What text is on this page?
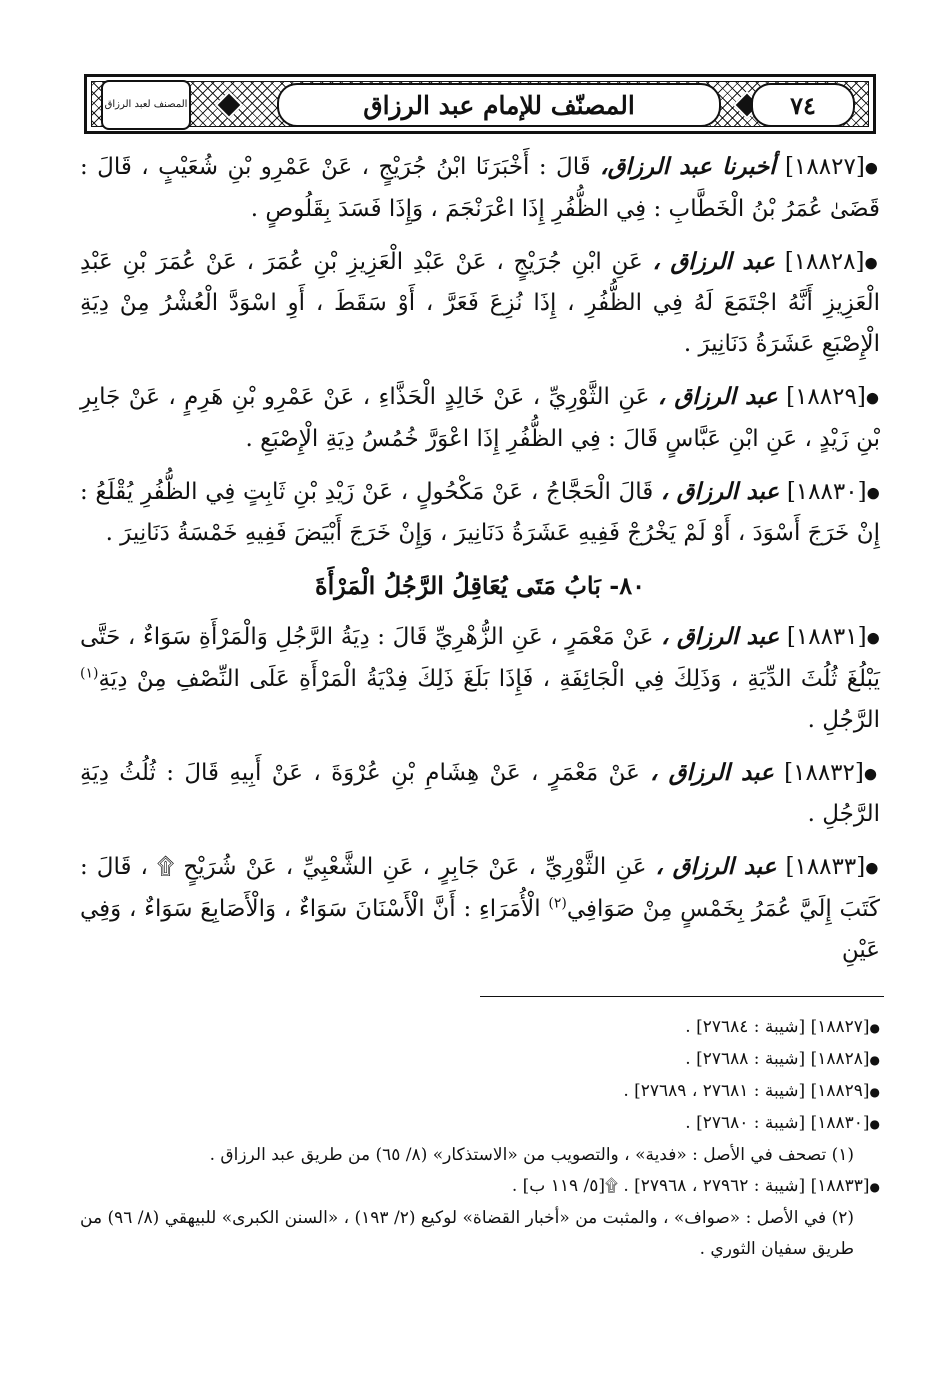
المصنف لعبد الرزاق	المصنّف للإمام عبد الرزاق	٧٤

●[١٨٨٢٧] أخبرنا عبد الرزاق، قَالَ : أَخْبَرَنَا ابْنُ جُرَيْجٍ ، عَنْ عَمْرِو بْنِ شُعَيْبٍ ، قَالَ : قَضَىٰ عُمَرُ بْنُ الْخَطَّابِ : فِي الظُّفُرِ إِذَا اعْرَنْجَمَ ، وَإِذَا فَسَدَ بِقَلُوصٍ .

●[١٨٨٢٨] عبد الرزاق ، عَنِ ابْنِ جُرَيْجٍ ، عَنْ عَبْدِ الْعَزِيزِ بْنِ عُمَرَ ، عَنْ عُمَرَ بْنِ عَبْدِ الْعَزِيزِ أَنَّهُ اجْتَمَعَ لَهُ فِي الظُّفُرِ ، إِذَا نُزِعَ فَعَرَّ ، أَوْ سَقَطَ ، أَوِ اسْوَدَّ الْعُشْرُ مِنْ دِيَةِ الْإِصْبَعِ عَشَرَةُ دَنَانِيرَ .

●[١٨٨٢٩] عبد الرزاق ، عَنِ الثَّوْرِيِّ ، عَنْ خَالِدٍ الْحَذَّاءِ ، عَنْ عَمْرِو بْنِ هَرِمٍ ، عَنْ جَابِرِ بْنِ زَيْدٍ ، عَنِ ابْنِ عَبَّاسٍ قَالَ : فِي الظُّفُرِ إِذَا اعْوَرَّ خُمُسُ دِيَةِ الْإِصْبَعِ .

●[١٨٨٣٠] عبد الرزاق ، قَالَ الْحَجَّاجُ ، عَنْ مَكْحُولٍ ، عَنْ زَيْدِ بْنِ ثَابِتٍ فِي الظُّفُرِ يُقْلَعُ : إِنْ خَرَجَ أَسْوَدَ ، أَوْ لَمْ يَخْرُجْ فَفِيهِ عَشَرَةُ دَنَانِيرَ ، وَإِنْ خَرَجَ أَبْيَضَ فَفِيهِ خَمْسَةُ دَنَانِيرَ .

٨٠- بَابُ مَتَى يُعَاقِلُ الرَّجُلُ الْمَرْأَةَ

●[١٨٨٣١] عبد الرزاق ، عَنْ مَعْمَرٍ ، عَنِ الزُّهْرِيِّ قَالَ : دِيَةُ الرَّجُلِ وَالْمَرْأَةِ سَوَاءٌ ، حَتَّى يَبْلُغَ ثُلُثَ الدِّيَةِ ، وَذَلِكَ فِي الْجَائِفَةِ ، فَإِذَا بَلَغَ ذَلِكَ فِدْيَةُ الْمَرْأَةِ عَلَى النِّصْفِ مِنْ دِيَةِ$^{(١)}$ الرَّجُلِ .

●[١٨٨٣٢] عبد الرزاق ، عَنْ مَعْمَرٍ ، عَنْ هِشَامِ بْنِ عُرْوَةَ ، عَنْ أَبِيهِ قَالَ : ثُلُثُ دِيَةِ الرَّجُلِ .

●[١٨٨٣٣] عبد الرزاق ، عَنِ الثَّوْرِيِّ ، عَنْ جَابِرٍ ، عَنِ الشَّعْبِيِّ ، عَنْ شُرَيْحٍ ۩ ، قَالَ : كَتَبَ إِلَيَّ عُمَرُ بِخَمْسٍ مِنْ صَوَافِي$^{(٢)}$ الْأُمَرَاءِ : أَنَّ الْأَسْنَانَ سَوَاءٌ ، وَالْأَصَابِعَ سَوَاءٌ ، وَفِي عَيْنِ

●[١٨٨٢٧] [شيبة : ٢٧٦٨٤] .

●[١٨٨٢٨] [شيبة : ٢٧٦٨٨] .

●[١٨٨٢٩] [شيبة : ٢٧٦٨١ ، ٢٧٦٨٩] .

●[١٨٨٣٠] [شيبة : ٢٧٦٨٠] .

(١) تصحف في الأصل : «فدية» ، والتصويب من «الاستذكار» (٨/ ٦٥) من طريق عبد الرزاق .

●[١٨٨٣٣] [شيبة : ٢٧٩٦٢ ، ٢٧٩٦٨] . ۩[٥/ ١١٩ ب] .

(٢) في الأصل : «صواف» ، والمثبت من «أخبار القضاة» لوكيع (٢/ ١٩٣) ، «السنن الكبرى» للبيهقي (٨/ ٩٦) من طريق سفيان الثوري .
